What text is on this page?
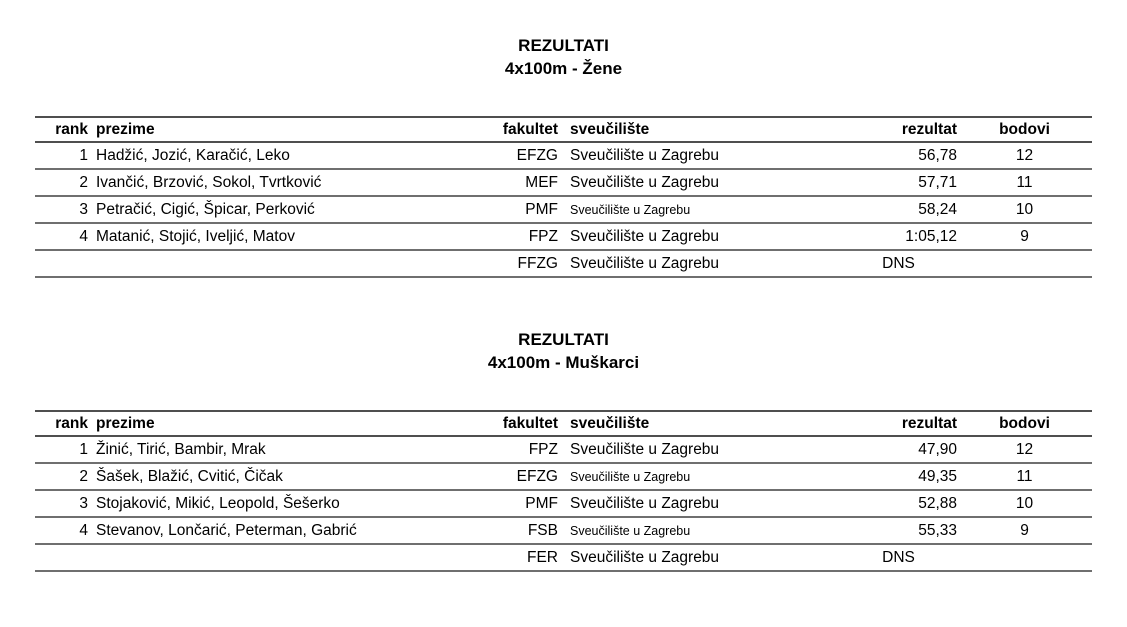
REZULTATI
4x100m - Žene
rank	prezime	fakultet	sveučilište	rezultat	bodovi
1	Hadžić, Jozić, Karačić, Leko	EFZG	Sveučilište u Zagrebu	56,78	12
2	Ivančić, Brzović, Sokol, Tvrtković	MEF	Sveučilište u Zagrebu	57,71	11
3	Petračić, Cigić, Špicar, Perković	PMF	Sveučilište u Zagrebu	58,24	10
4	Matanić, Stojić, Iveljić, Matov	FPZ	Sveučilište u Zagrebu	1:05,12	9
		FFZG	Sveučilište u Zagrebu	DNS	
REZULTATI
4x100m - Muškarci
rank	prezime	fakultet	sveučilište	rezultat	bodovi
1	Žinić, Tirić, Bambir, Mrak	FPZ	Sveučilište u Zagrebu	47,90	12
2	Šašek, Blažić, Cvitić, Čičak	EFZG	Sveučilište u Zagrebu	49,35	11
3	Stojaković, Mikić, Leopold, Šešerko	PMF	Sveučilište u Zagrebu	52,88	10
4	Stevanov, Lončarić, Peterman, Gabrić	FSB	Sveučilište u Zagrebu	55,33	9
		FER	Sveučilište u Zagrebu	DNS	
